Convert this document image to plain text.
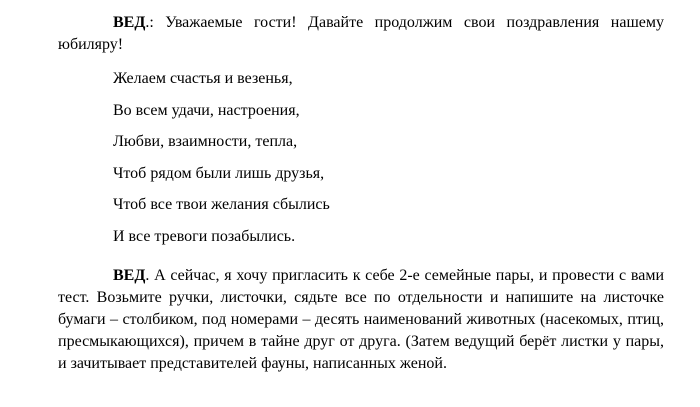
ВЕД.: Уважаемые гости! Давайте продолжим свои поздравления нашему юбиляру!

Желаем счастья и везенья,
Во всем удачи, настроения,
Любви, взаимности, тепла,
Чтоб рядом были лишь друзья,
Чтоб все твои желания сбылись
И все тревоги позабылись.

ВЕД. А сейчас, я хочу пригласить к себе 2-е семейные пары, и провести с вами тест. Возьмите ручки, листочки, сядьте все по отдельности и напишите на листочке бумаги – столбиком, под номерами – десять наименований животных (насекомых, птиц, пресмыкающихся), причем в тайне друг от друга. (Затем ведущий берёт листки у пары, и зачитывает представителей фауны, написанных женой.
